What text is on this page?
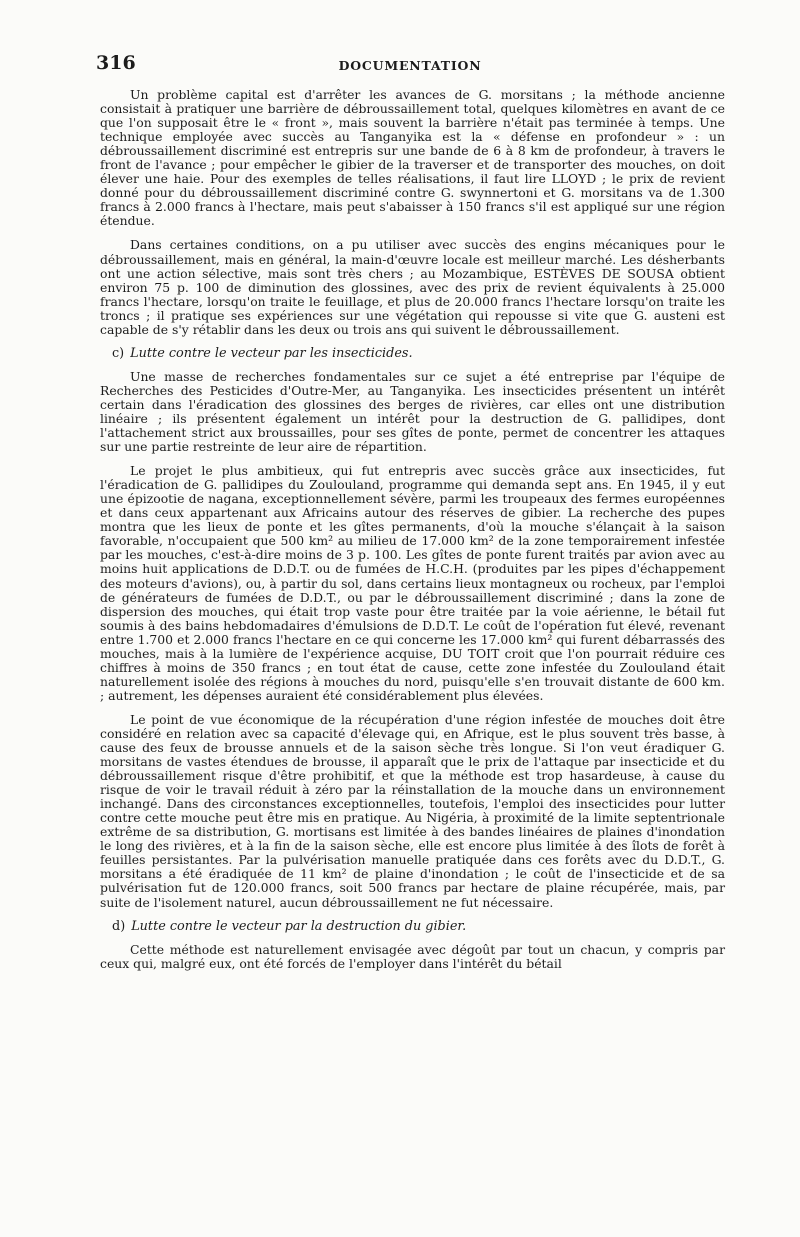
316	DOCUMENTATION

Un problème capital est d'arrêter les avances de G. morsitans ; la méthode ancienne consistait à pratiquer une barrière de débroussaillement total, quelques kilomètres en avant de ce que l'on supposait être le « front », mais souvent la barrière n'était pas terminée à temps. Une technique employée avec succès au Tanganyika est la « défense en profondeur » : un débroussaillement discriminé est entrepris sur une bande de 6 à 8 km de profondeur, à travers le front de l'avance ; pour empêcher le gibier de la traverser et de transporter des mouches, on doit élever une haie. Pour des exemples de telles réalisations, il faut lire LLOYD ; le prix de revient donné pour du débroussaillement discriminé contre G. swynnertoni et G. morsitans va de 1.300 francs à 2.000 francs à l'hectare, mais peut s'abaisser à 150 francs s'il est appliqué sur une région étendue.

Dans certaines conditions, on a pu utiliser avec succès des engins mécaniques pour le débroussaillement, mais en général, la main-d'œuvre locale est meilleur marché. Les désherbants ont une action sélective, mais sont très chers ; au Mozambique, ESTÈVES DE SOUSA obtient environ 75 p. 100 de diminution des glossines, avec des prix de revient équivalents à 25.000 francs l'hectare, lorsqu'on traite le feuillage, et plus de 20.000 francs l'hectare lorsqu'on traite les troncs ; il pratique ses expériences sur une végétation qui repousse si vite que G. austeni est capable de s'y rétablir dans les deux ou trois ans qui suivent le débroussaillement.

c) Lutte contre le vecteur par les insecticides.

Une masse de recherches fondamentales sur ce sujet a été entreprise par l'équipe de Recherches des Pesticides d'Outre-Mer, au Tanganyika. Les insecticides présentent un intérêt certain dans l'éradication des glossines des berges de rivières, car elles ont une distribution linéaire ; ils présentent également un intérêt pour la destruction de G. pallidipes, dont l'attachement strict aux broussailles, pour ses gîtes de ponte, permet de concentrer les attaques sur une partie restreinte de leur aire de répartition.

Le projet le plus ambitieux, qui fut entrepris avec succès grâce aux insecticides, fut l'éradication de G. pallidipes du Zoulouland, programme qui demanda sept ans. En 1945, il y eut une épizootie de nagana, exceptionnellement sévère, parmi les troupeaux des fermes européennes et dans ceux appartenant aux Africains autour des réserves de gibier. La recherche des pupes montra que les lieux de ponte et les gîtes permanents, d'où la mouche s'élançait à la saison favorable, n'occupaient que 500 km² au milieu de 17.000 km² de la zone temporairement infestée par les mouches, c'est-à-dire moins de 3 p. 100. Les gîtes de ponte furent traités par avion avec au moins huit applications de D.D.T. ou de fumées de H.C.H. (produites par les pipes d'échappement des moteurs d'avions), ou, à partir du sol, dans certains lieux montagneux ou rocheux, par l'emploi de générateurs de fumées de D.D.T., ou par le débroussaillement discriminé ; dans la zone de dispersion des mouches, qui était trop vaste pour être traitée par la voie aérienne, le bétail fut soumis à des bains hebdomadaires d'émulsions de D.D.T. Le coût de l'opération fut élevé, revenant entre 1.700 et 2.000 francs l'hectare en ce qui concerne les 17.000 km² qui furent débarrassés des mouches, mais à la lumière de l'expérience acquise, DU TOIT croit que l'on pourrait réduire ces chiffres à moins de 350 francs ; en tout état de cause, cette zone infestée du Zoulouland était naturellement isolée des régions à mouches du nord, puisqu'elle s'en trouvait distante de 600 km. ; autrement, les dépenses auraient été considérablement plus élevées.

Le point de vue économique de la récupération d'une région infestée de mouches doit être considéré en relation avec sa capacité d'élevage qui, en Afrique, est le plus souvent très basse, à cause des feux de brousse annuels et de la saison sèche très longue. Si l'on veut éradiquer G. morsitans de vastes étendues de brousse, il apparaît que le prix de l'attaque par insecticide et du débroussaillement risque d'être prohibitif, et que la méthode est trop hasardeuse, à cause du risque de voir le travail réduit à zéro par la réinstallation de la mouche dans un environnement inchangé. Dans des circonstances exceptionnelles, toutefois, l'emploi des insecticides pour lutter contre cette mouche peut être mis en pratique. Au Nigéria, à proximité de la limite septentrionale extrême de sa distribution, G. mortisans est limitée à des bandes linéaires de plaines d'inondation le long des rivières, et à la fin de la saison sèche, elle est encore plus limitée à des îlots de forêt à feuilles persistantes. Par la pulvérisation manuelle pratiquée dans ces forêts avec du D.D.T., G. morsitans a été éradiquée de 11 km² de plaine d'inondation ; le coût de l'insecticide et de sa pulvérisation fut de 120.000 francs, soit 500 francs par hectare de plaine récupérée, mais, par suite de l'isolement naturel, aucun débroussaillement ne fut nécessaire.

d) Lutte contre le vecteur par la destruction du gibier.

Cette méthode est naturellement envisagée avec dégoût par tout un chacun, y compris par ceux qui, malgré eux, ont été forcés de l'employer dans l'intérêt du bétail
